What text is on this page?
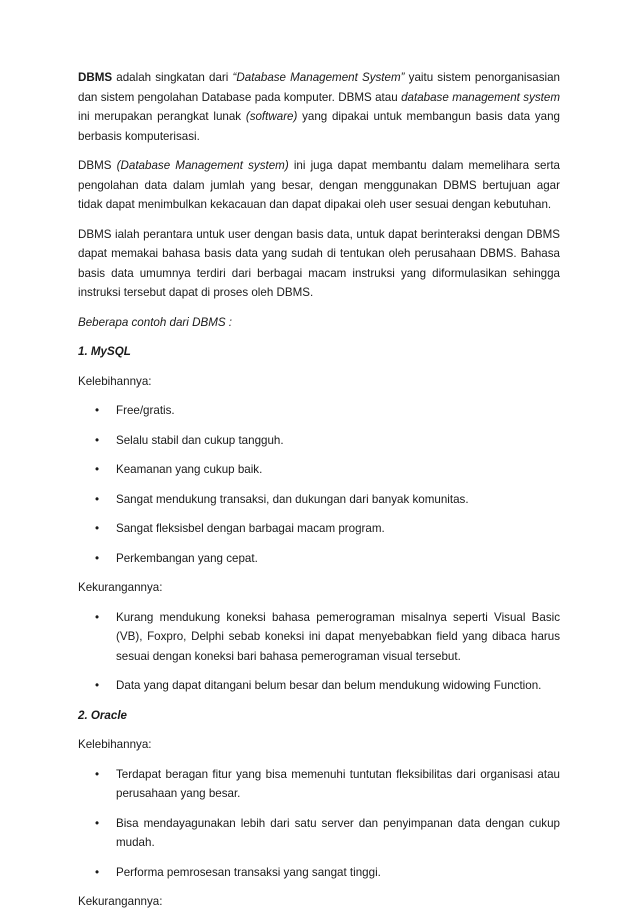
DBMS adalah singkatan dari “Database Management System” yaitu sistem penorganisasian dan sistem pengolahan Database pada komputer. DBMS atau database management system ini merupakan perangkat lunak (software) yang dipakai untuk membangun basis data yang berbasis komputerisasi.

DBMS (Database Management system) ini juga dapat membantu dalam memelihara serta pengolahan data dalam jumlah yang besar, dengan menggunakan DBMS bertujuan agar tidak dapat menimbulkan kekacauan dan dapat dipakai oleh user sesuai dengan kebutuhan.

DBMS ialah perantara untuk user dengan basis data, untuk dapat berinteraksi dengan DBMS dapat memakai bahasa basis data yang sudah di tentukan oleh perusahaan DBMS. Bahasa basis data umumnya terdiri dari berbagai macam instruksi yang diformulasikan sehingga instruksi tersebut dapat di proses oleh DBMS.

Beberapa contoh dari DBMS :

1. MySQL

Kelebihannya:

• Free/gratis.
• Selalu stabil dan cukup tangguh.
• Keamanan yang cukup baik.
• Sangat mendukung transaksi, dan dukungan dari banyak komunitas.
• Sangat fleksisbel dengan barbagai macam program.
• Perkembangan yang cepat.

Kekurangannya:

• Kurang mendukung koneksi bahasa pemerograman misalnya seperti Visual Basic (VB), Foxpro, Delphi sebab koneksi ini dapat menyebabkan field yang dibaca harus sesuai dengan koneksi bari bahasa pemerograman visual tersebut.
• Data yang dapat ditangani belum besar dan belum mendukung widowing Function.

2. Oracle

Kelebihannya:

• Terdapat beragan fitur yang bisa memenuhi tuntutan fleksibilitas dari organisasi atau perusahaan yang besar.
• Bisa mendayagunakan lebih dari satu server dan penyimpanan data dengan cukup mudah.
• Performa pemrosesan transaksi yang sangat tinggi.

Kekurangannya:
